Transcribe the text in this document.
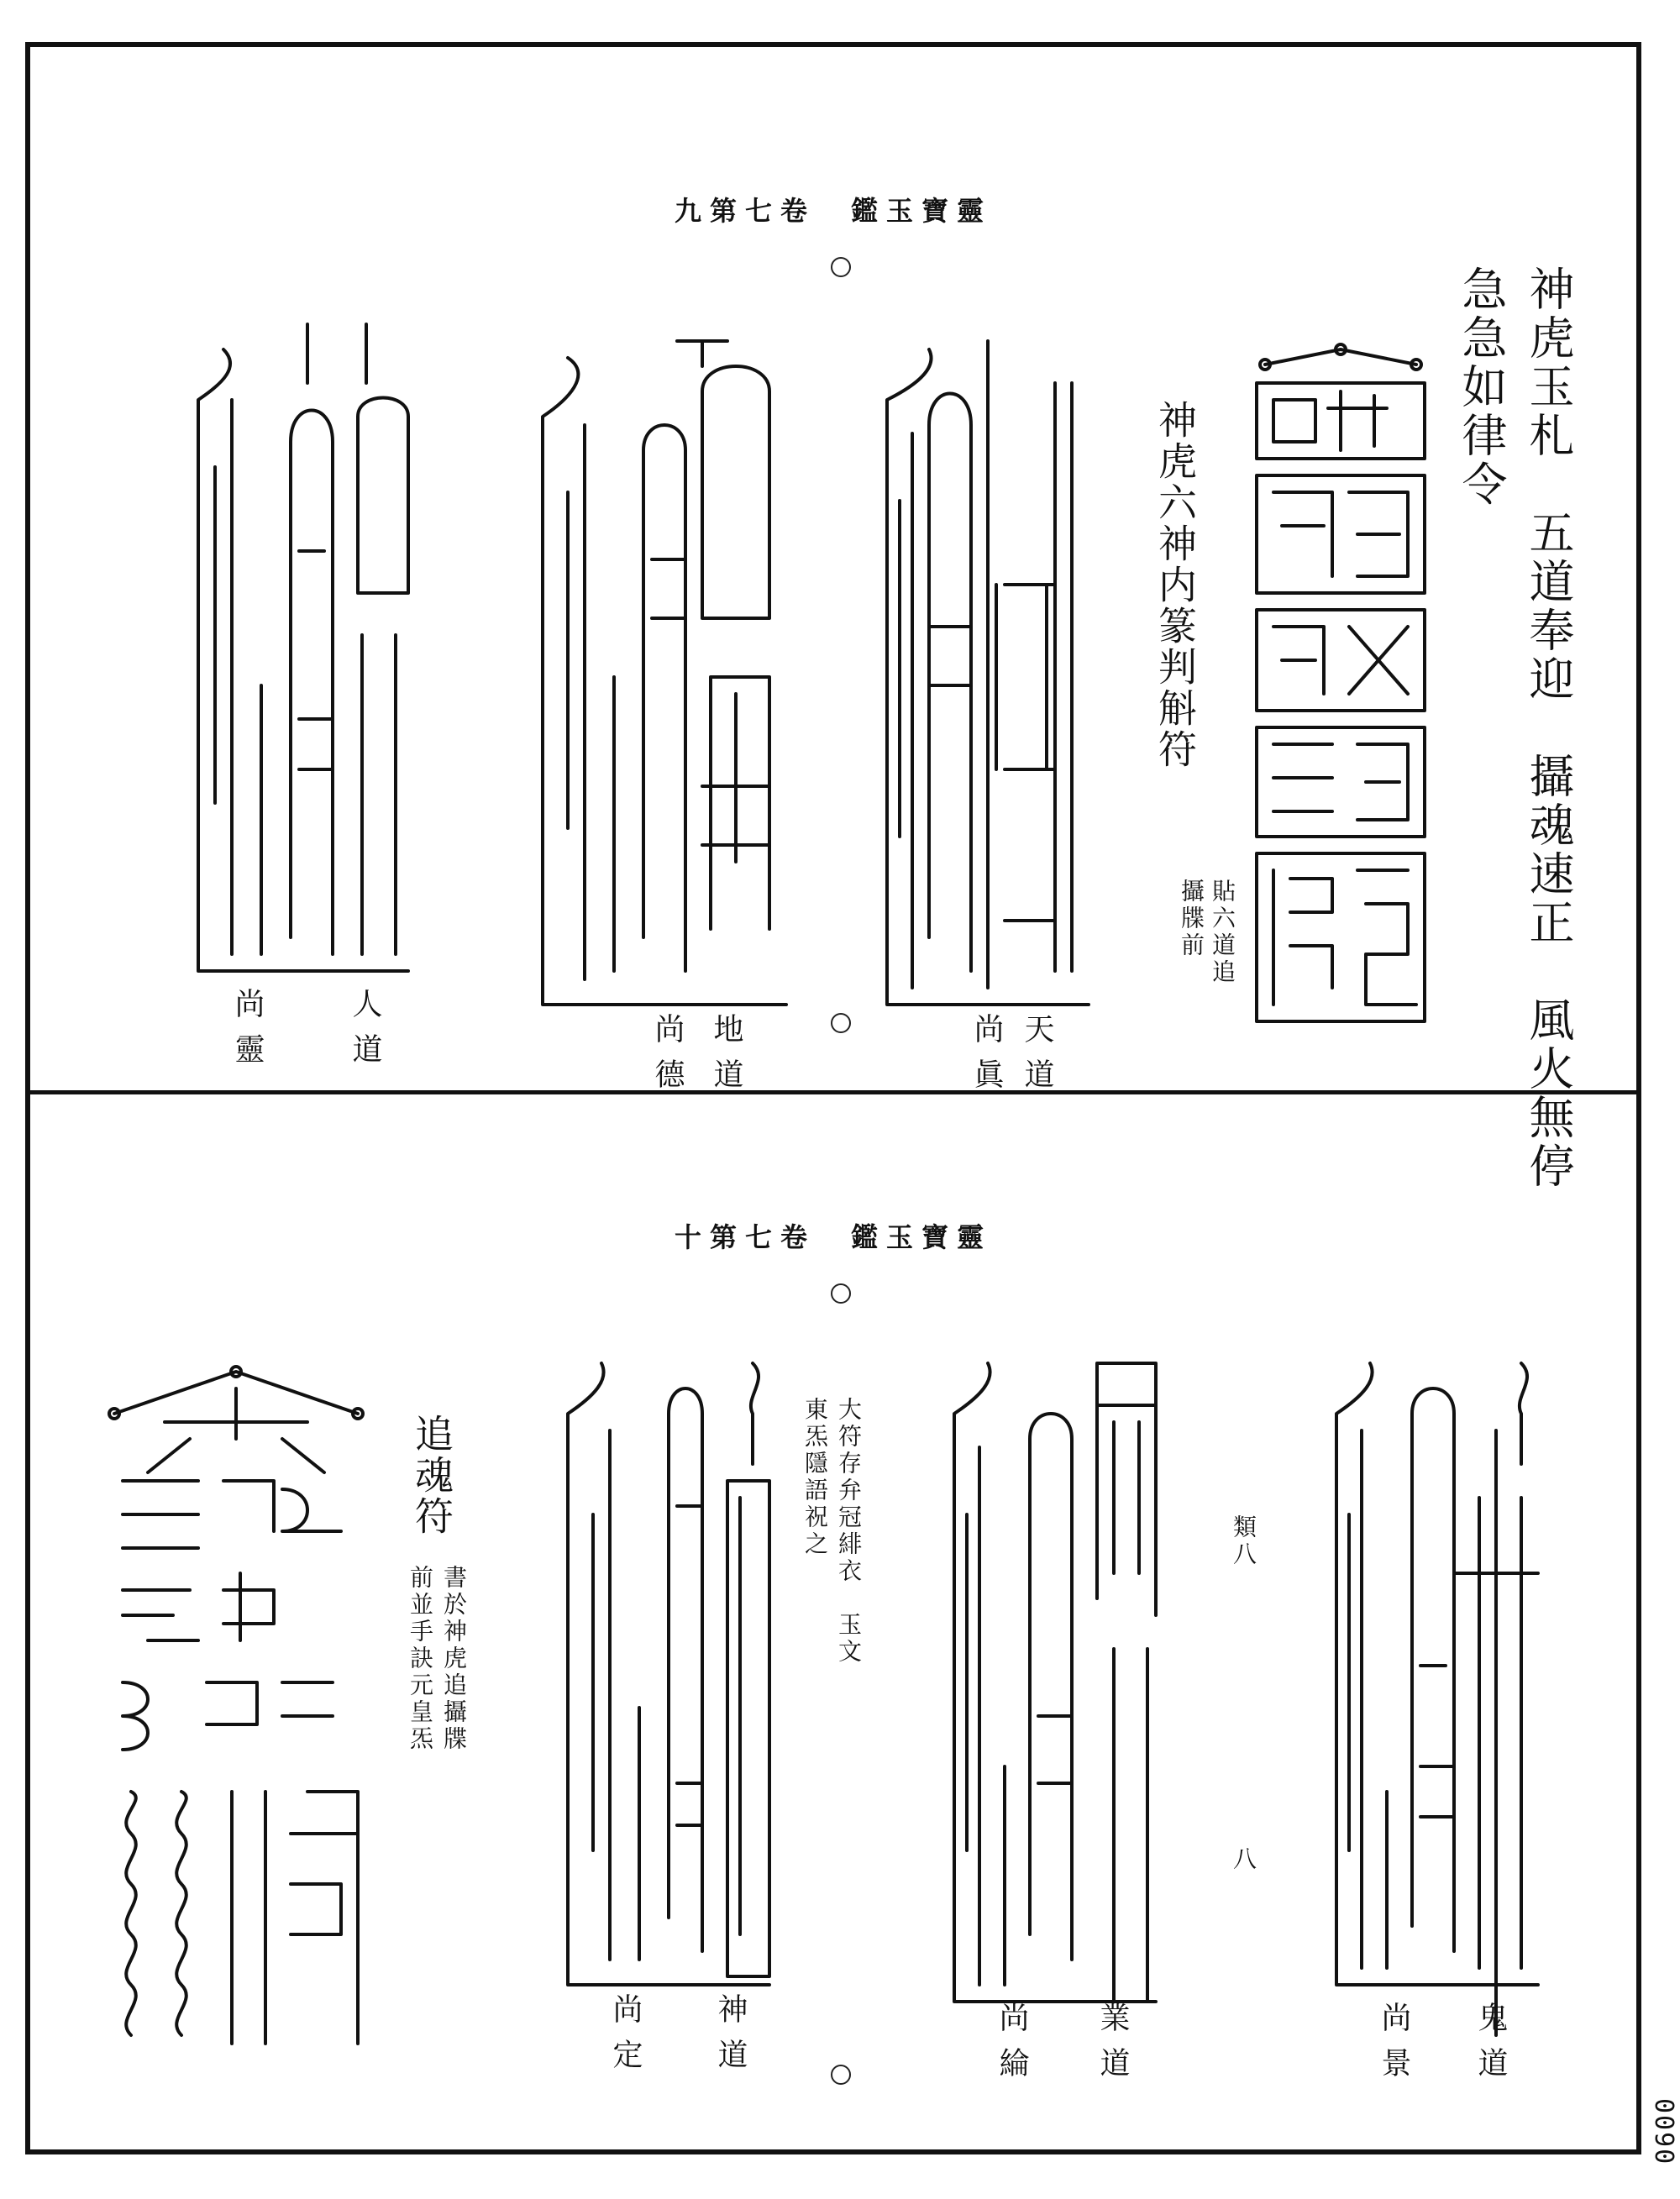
九第七卷　鑑玉寶靈
神虎玉札　五道奉迎　攝魂速正　風火無停
急急如律令
神虎六神内篆判斛符
貼六道追
攝牒前
天道
尚眞
地道
尚德
人道
尚靈
十第七卷　鑑玉寶靈
追魂符
書於神虎追攝牒
前並手訣元皇炁
神道
尚定
大符存弁冠緋衣　玉文
東炁隱語祝之
業道
尚綸
類八
八
鬼道
尚景
0090
